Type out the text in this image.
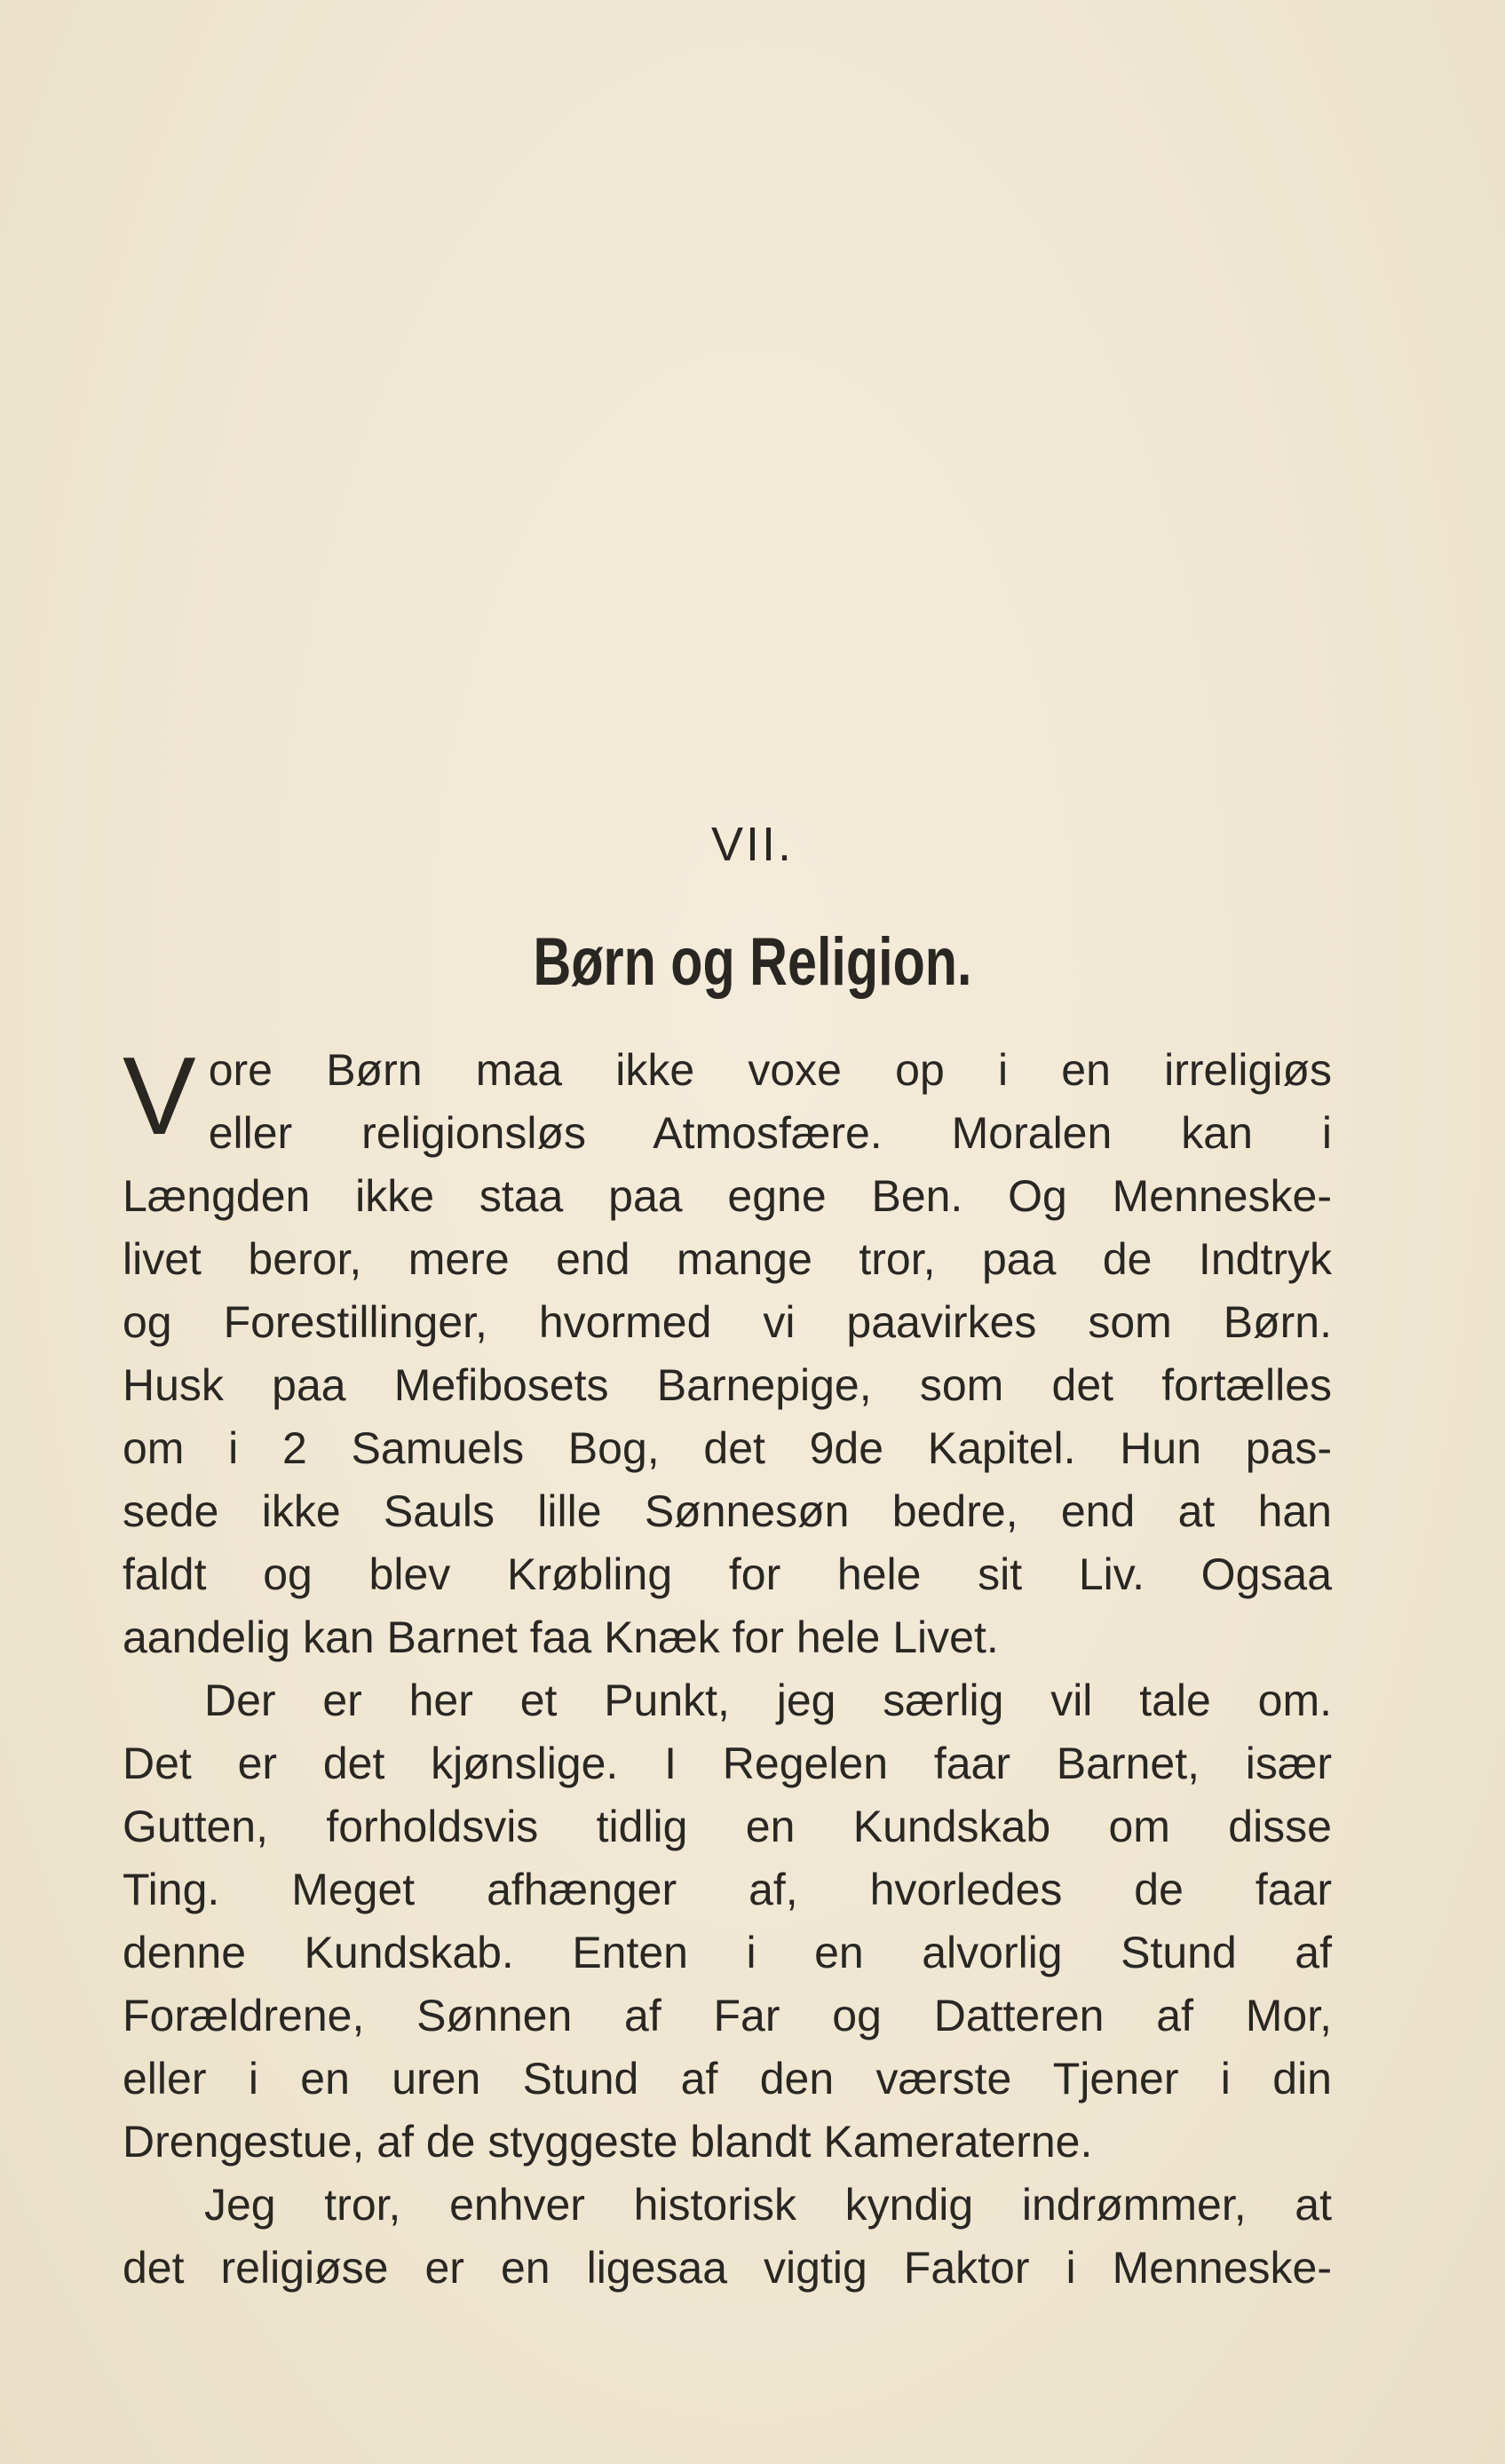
VII.
Børn og Religion.
V ore Børn maa ikke voxe op i en irreligiøs
eller religionsløs Atmosfære. Moralen kan i
Længden ikke staa paa egne Ben. Og Menneske-
livet beror, mere end mange tror, paa de Indtryk
og Forestillinger, hvormed vi paavirkes som Børn.
Husk paa Mefibosets Barnepige, som det fortælles
om i 2 Samuels Bog, det 9de Kapitel. Hun pas-
sede ikke Sauls lille Sønnesøn bedre, end at han
faldt og blev Krøbling for hele sit Liv. Ogsaa
aandelig kan Barnet faa Knæk for hele Livet.
Der er her et Punkt, jeg særlig vil tale om.
Det er det kjønslige. I Regelen faar Barnet, især
Gutten, forholdsvis tidlig en Kundskab om disse
Ting. Meget afhænger af, hvorledes de faar
denne Kundskab. Enten i en alvorlig Stund af
Forældrene, Sønnen af Far og Datteren af Mor,
eller i en uren Stund af den værste Tjener i din
Drengestue, af de styggeste blandt Kameraterne.
Jeg tror, enhver historisk kyndig indrømmer, at
det religiøse er en ligesaa vigtig Faktor i Menneske-
